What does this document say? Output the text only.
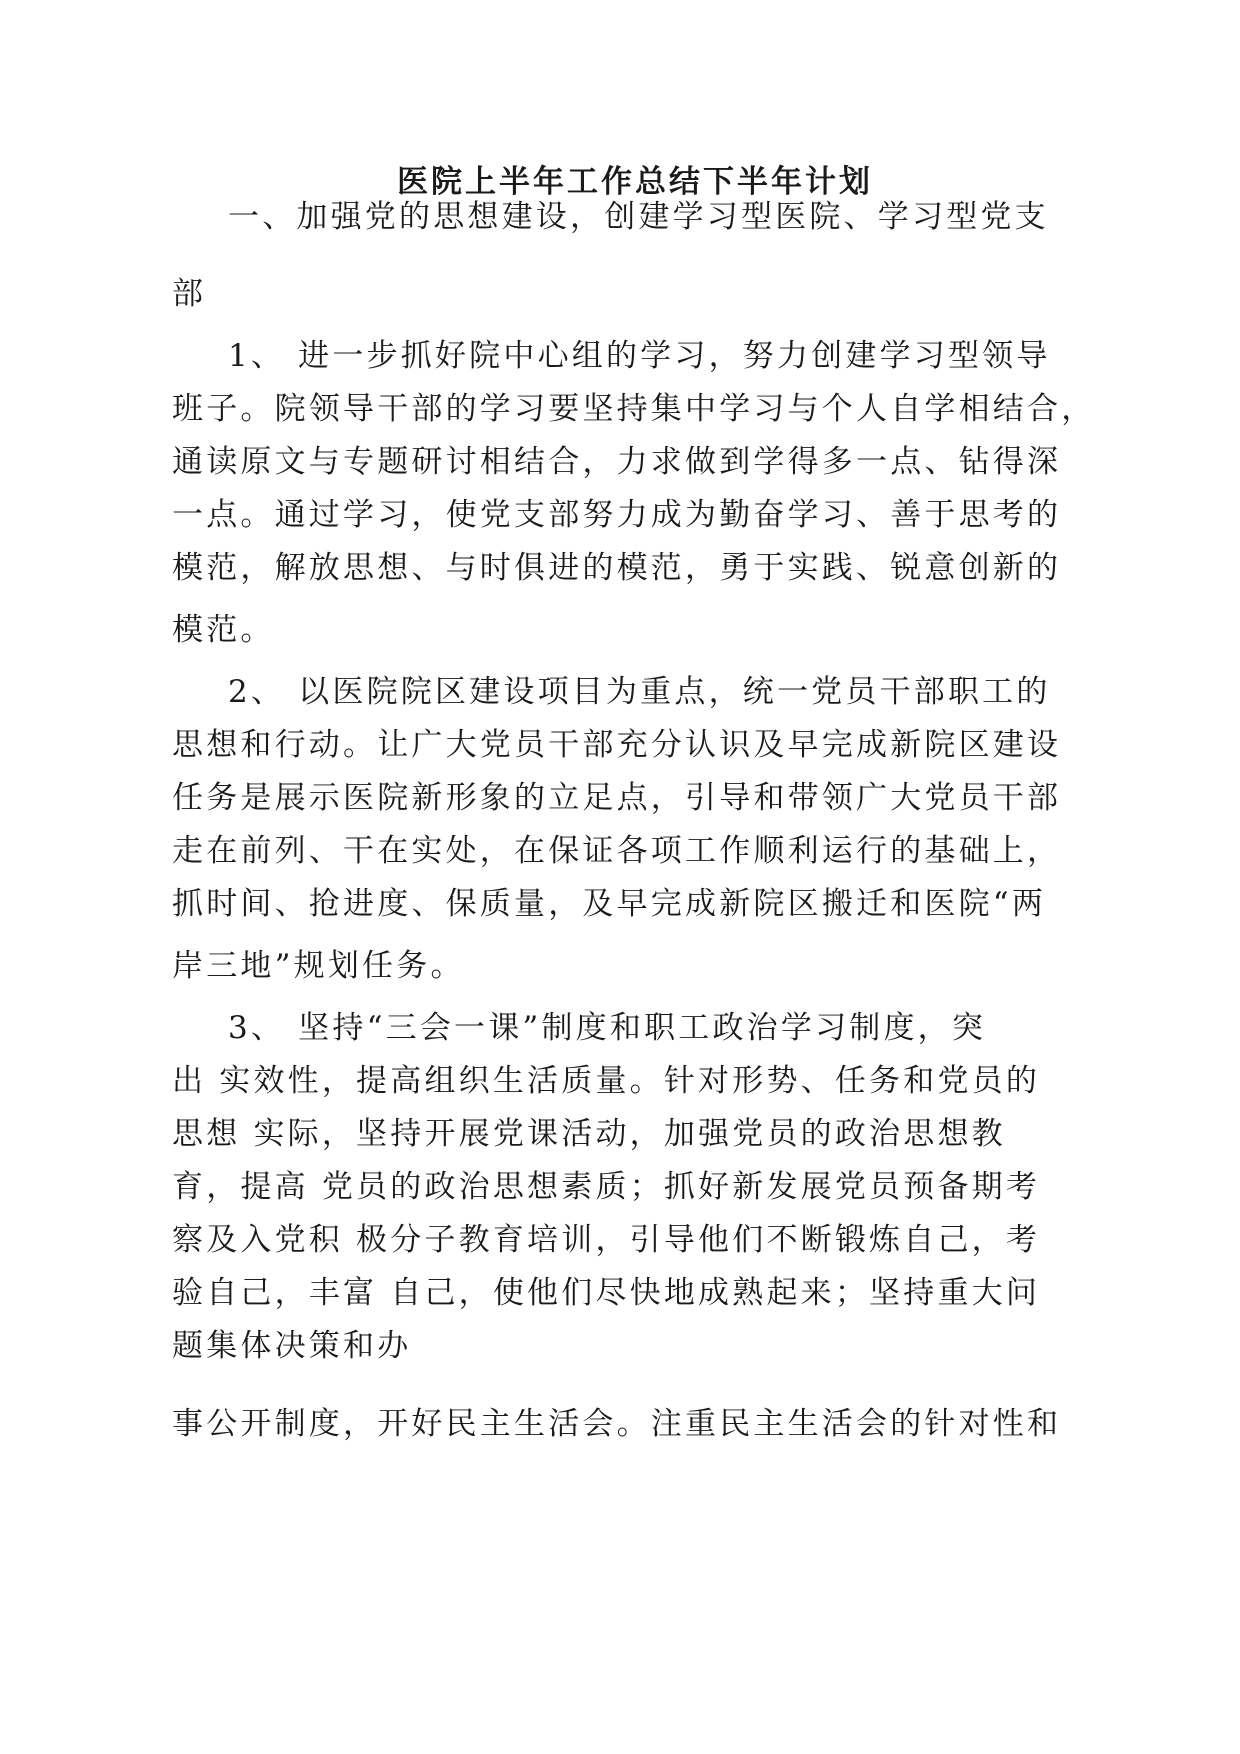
医院上半年工作总结下半年计划
一、加强党的思想建设，创建学习型医院、学习型党支
部
1、 进一步抓好院中心组的学习，努力创建学习型领导
班子。院领导干部的学习要坚持集中学习与个人自学相结合，
通读原文与专题研讨相结合，力求做到学得多一点、钻得深
一点。通过学习，使党支部努力成为勤奋学习、善于思考的
模范，解放思想、与时俱进的模范，勇于实践、锐意创新的
模范。
2、 以医院院区建设项目为重点，统一党员干部职工的
思想和行动。让广大党员干部充分认识及早完成新院区建设
任务是展示医院新形象的立足点，引导和带领广大党员干部
走在前列、干在实处，在保证各项工作顺利运行的基础上，
抓时间、抢进度、保质量，及早完成新院区搬迁和医院“两
岸三地”规划任务。
3、 坚持“三会一课”制度和职工政治学习制度，突
出 实效性，提高组织生活质量。针对形势、任务和党员的
思想 实际，坚持开展党课活动，加强党员的政治思想教
育，提高 党员的政治思想素质；抓好新发展党员预备期考
察及入党积 极分子教育培训，引导他们不断锻炼自己，考
验自己，丰富 自己，使他们尽快地成熟起来；坚持重大问
题集体决策和办
事公开制度，开好民主生活会。注重民主生活会的针对性和
